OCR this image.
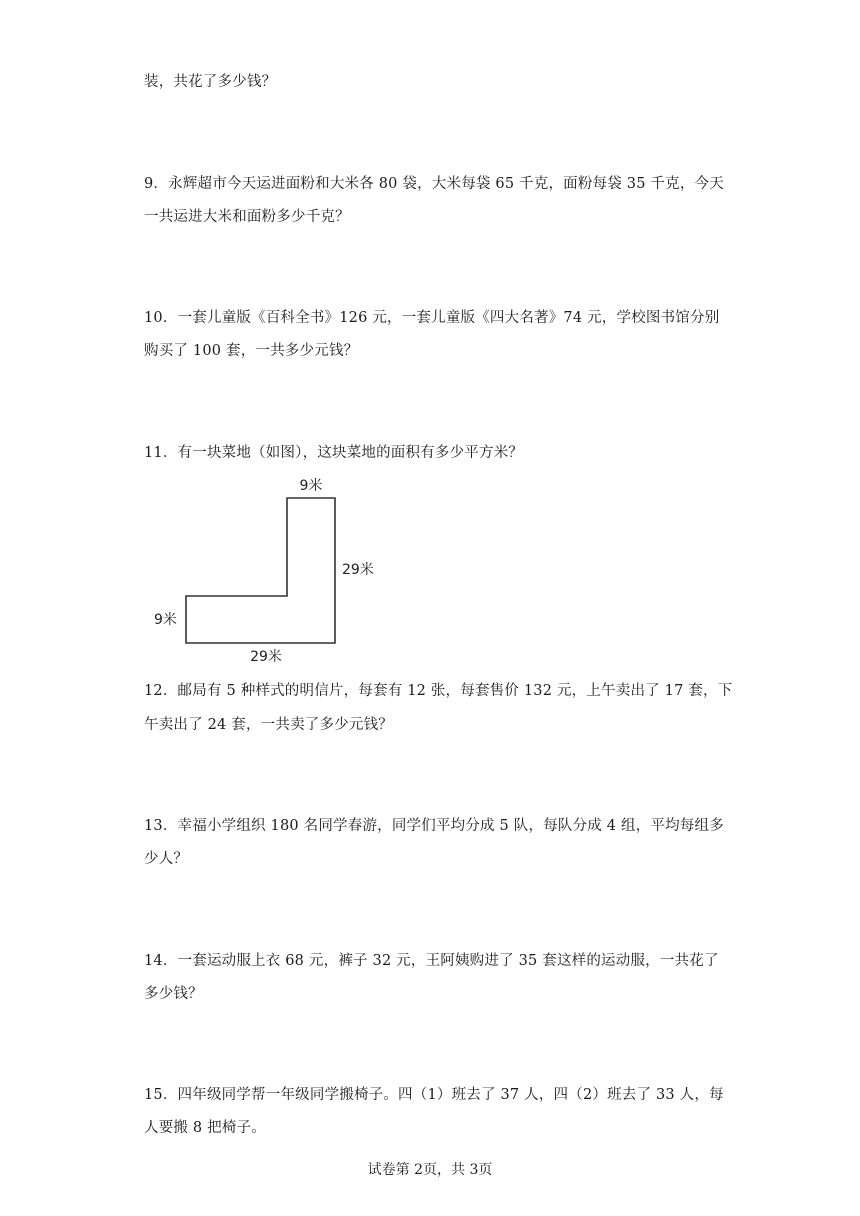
装，共花了多少钱？
9．永辉超市今天运进面粉和大米各 80 袋，大米每袋 65 千克，面粉每袋 35 千克，今天
一共运进大米和面粉多少千克？
10．一套儿童版《百科全书》126 元，一套儿童版《四大名著》74 元，学校图书馆分别
购买了 100 套，一共多少元钱？
11．有一块菜地（如图），这块菜地的面积有多少平方米？
9米
29米
9米
29米
12．邮局有 5 种样式的明信片，每套有 12 张，每套售价 132 元，上午卖出了 17 套，下
午卖出了 24 套，一共卖了多少元钱？
13．幸福小学组织 180 名同学春游，同学们平均分成 5 队，每队分成 4 组，平均每组多
少人？
14．一套运动服上衣 68 元，裤子 32 元，王阿姨购进了 35 套这样的运动服，一共花了
多少钱？
15．四年级同学帮一年级同学搬椅子。四（1）班去了 37 人，四（2）班去了 33 人，每
人要搬 8 把椅子。
试卷第 2页，共 3页
